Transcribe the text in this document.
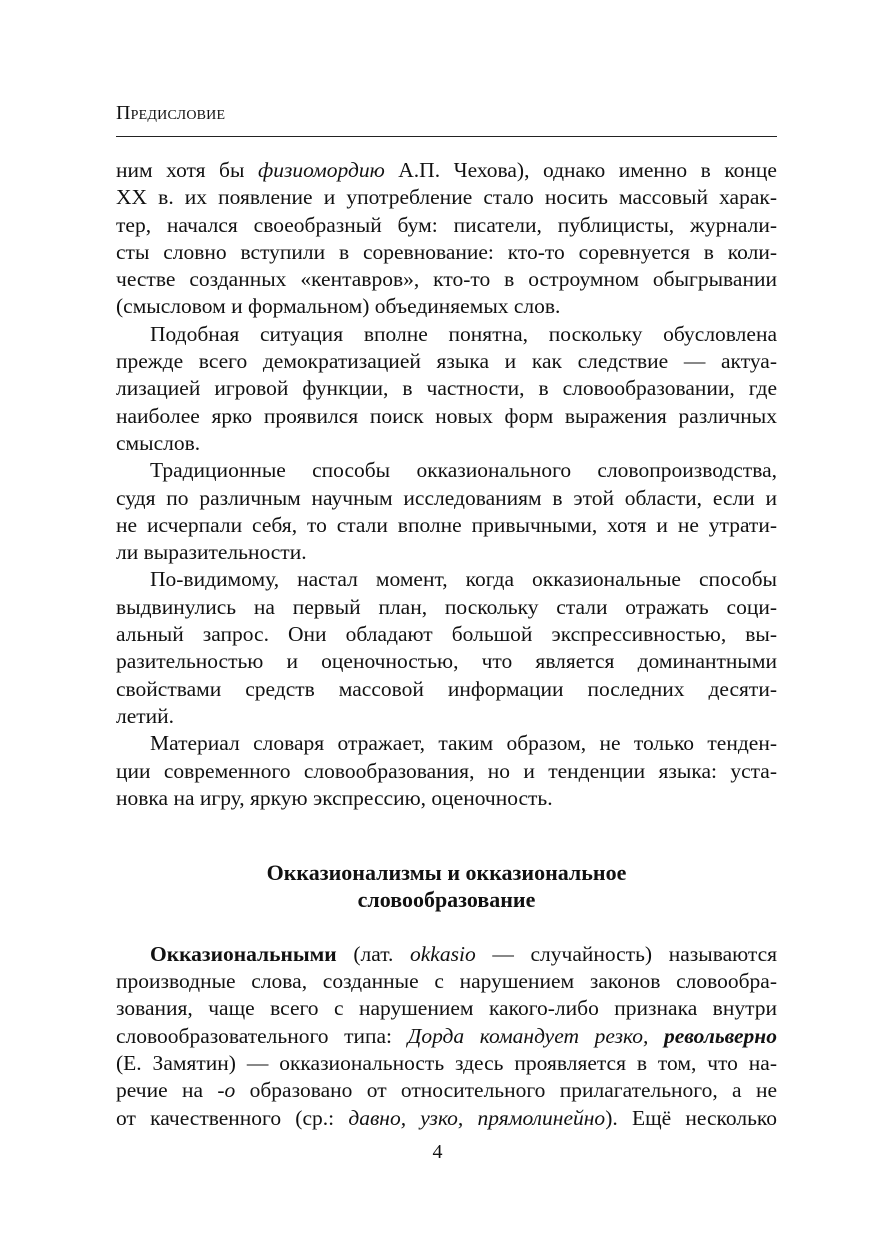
Предисловие
ним хотя бы физиомордию А.П. Чехова), однако именно в конце
XX в. их появление и употребление стало носить массовый харак-
тер, начался своеобразный бум: писатели, публицисты, журнали-
сты словно вступили в соревнование: кто-то соревнуется в коли-
честве созданных «кентавров», кто-то в остроумном обыгрывании
(смысловом и формальном) объединяемых слов.
Подобная ситуация вполне понятна, поскольку обусловлена
прежде всего демократизацией языка и как следствие — актуа-
лизацией игровой функции, в частности, в словообразовании, где
наиболее ярко проявился поиск новых форм выражения различных
смыслов.
Традиционные способы окказионального словопроизводства,
судя по различным научным исследованиям в этой области, если и
не исчерпали себя, то стали вполне привычными, хотя и не утрати-
ли выразительности.
По-видимому, настал момент, когда окказиональные способы
выдвинулись на первый план, поскольку стали отражать соци-
альный запрос. Они обладают большой экспрессивностью, вы-
разительностью и оценочностью, что является доминантными
свойствами средств массовой информации последних десяти-
летий.
Материал словаря отражает, таким образом, не только тенден-
ции современного словообразования, но и тенденции языка: уста-
новка на игру, яркую экспрессию, оценочность.
Окказионализмы и окказиональное
словообразование
Окказиональными (лат. okkasio — случайность) называются
производные слова, созданные с нарушением законов словообра-
зования, чаще всего с нарушением какого-либо признака внутри
словообразовательного типа: Дорда командует резко, револьверно
(Е. Замятин) — окказиональность здесь проявляется в том, что на-
речие на -о образовано от относительного прилагательного, а не
от качественного (ср.: давно, узко, прямолинейно). Ещё несколько
4
